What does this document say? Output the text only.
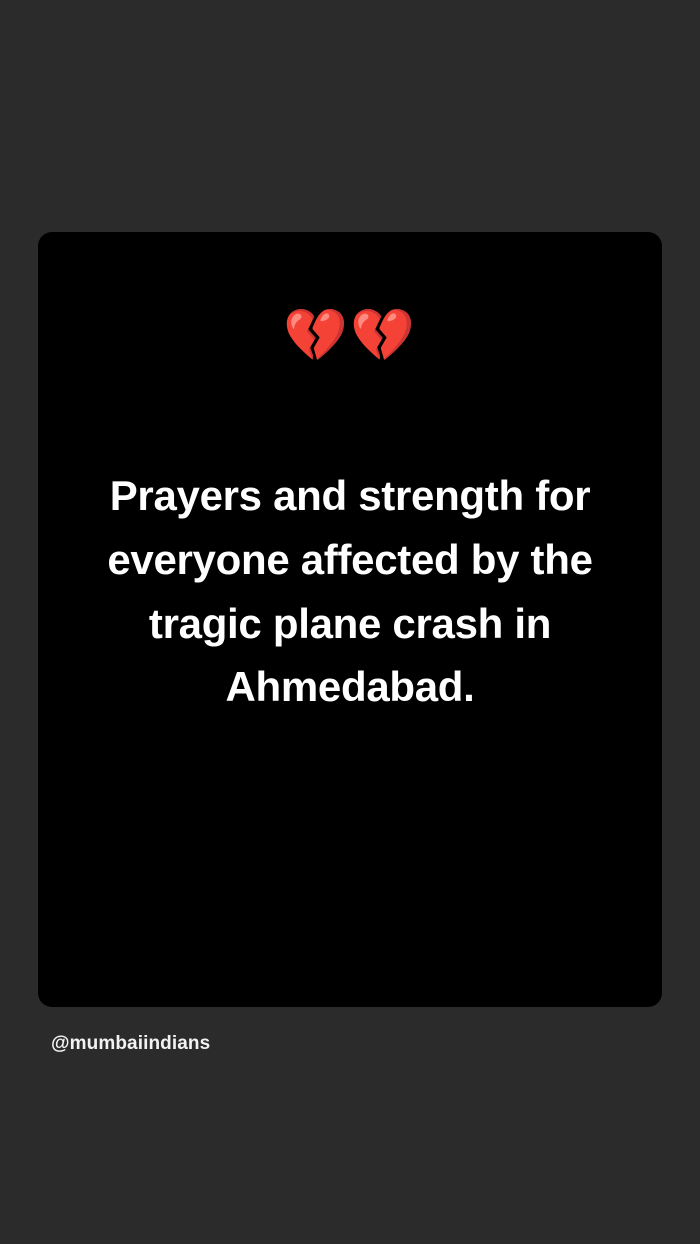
💔💔
Prayers and strength for everyone affected by the tragic plane crash in Ahmedabad.
@mumbaiindians
